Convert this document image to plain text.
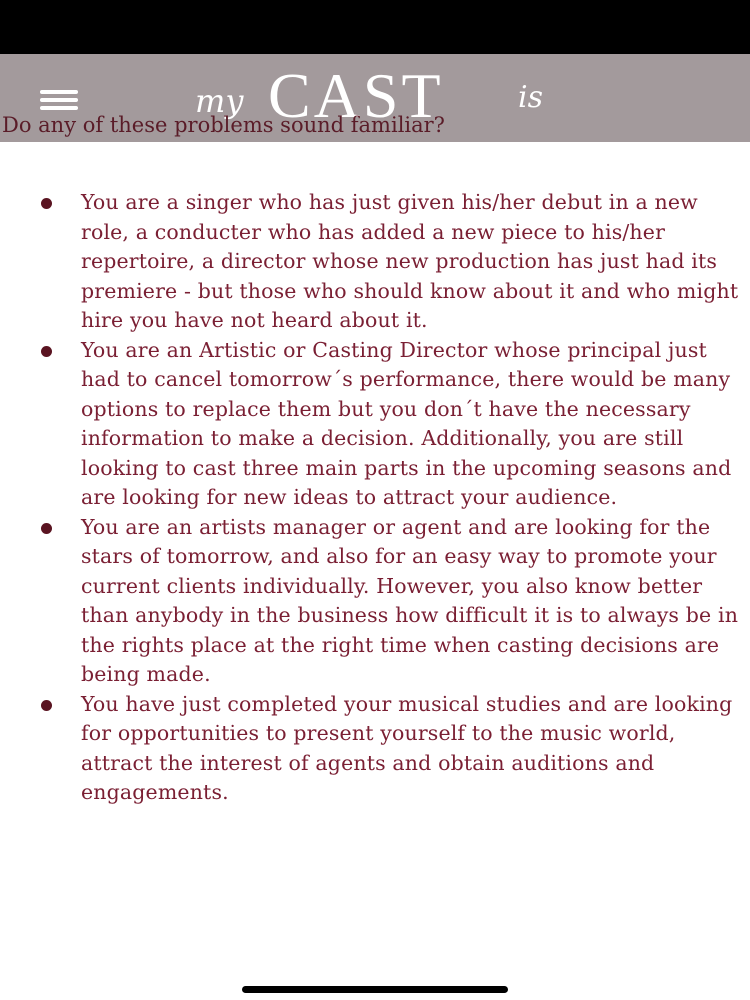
my CAST is
Do any of these problems sound familiar?
You are a singer who has just given his/her debut in a new role, a conducter who has added a new piece to his/her repertoire, a director whose new production has just had its premiere - but those who should know about it and who might hire you have not heard about it.
You are an Artistic or Casting Director whose principal just had to cancel tomorrow´s performance, there would be many options to replace them but you don´t have the necessary information to make a decision. Additionally, you are still looking to cast three main parts in the upcoming seasons and are looking for new ideas to attract your audience.
You are an artists manager or agent and are looking for the stars of tomorrow, and also for an easy way to promote your current clients individually. However, you also know better than anybody in the business how difficult it is to always be in the rights place at the right time when casting decisions are being made.
You have just completed your musical studies and are looking for opportunities to present yourself to the music world, attract the interest of agents and obtain auditions and engagements.
